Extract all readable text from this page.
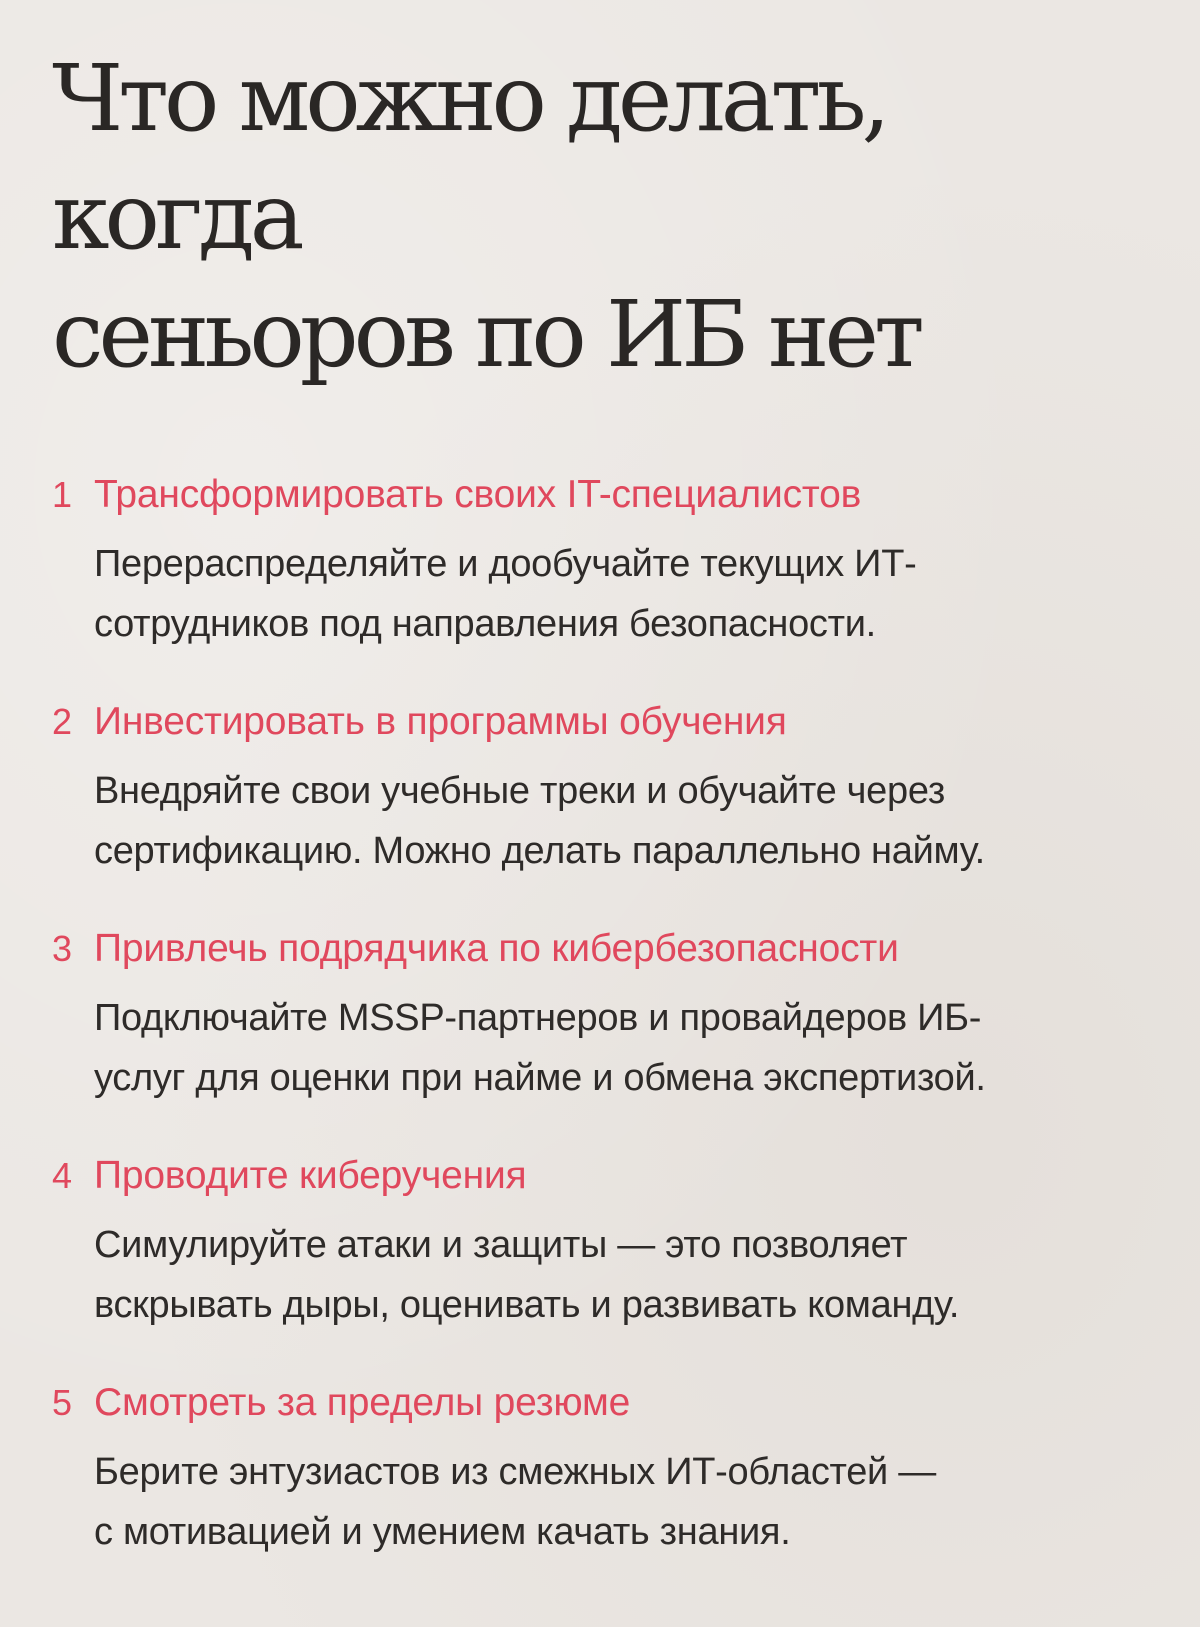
Что можно делать, когда
сеньоров по ИБ нет
1 Трансформировать своих IT-специалистов

Перераспределяйте и дообучайте текущих ИТ-
сотрудников под направления безопасности.

2 Инвестировать в программы обучения

Внедряйте свои учебные треки и обучайте через
сертификацию. Можно делать параллельно найму.

3 Привлечь подрядчика по кибербезопасности

Подключайте MSSP-партнеров и провайдеров ИБ-
услуг для оценки при найме и обмена экспертизой.

4 Проводите киберучения

Симулируйте атаки и защиты — это позволяет
вскрывать дыры, оценивать и развивать команду.

5 Смотреть за пределы резюме

Берите энтузиастов из смежных ИТ-областей —
с мотивацией и умением качать знания.
